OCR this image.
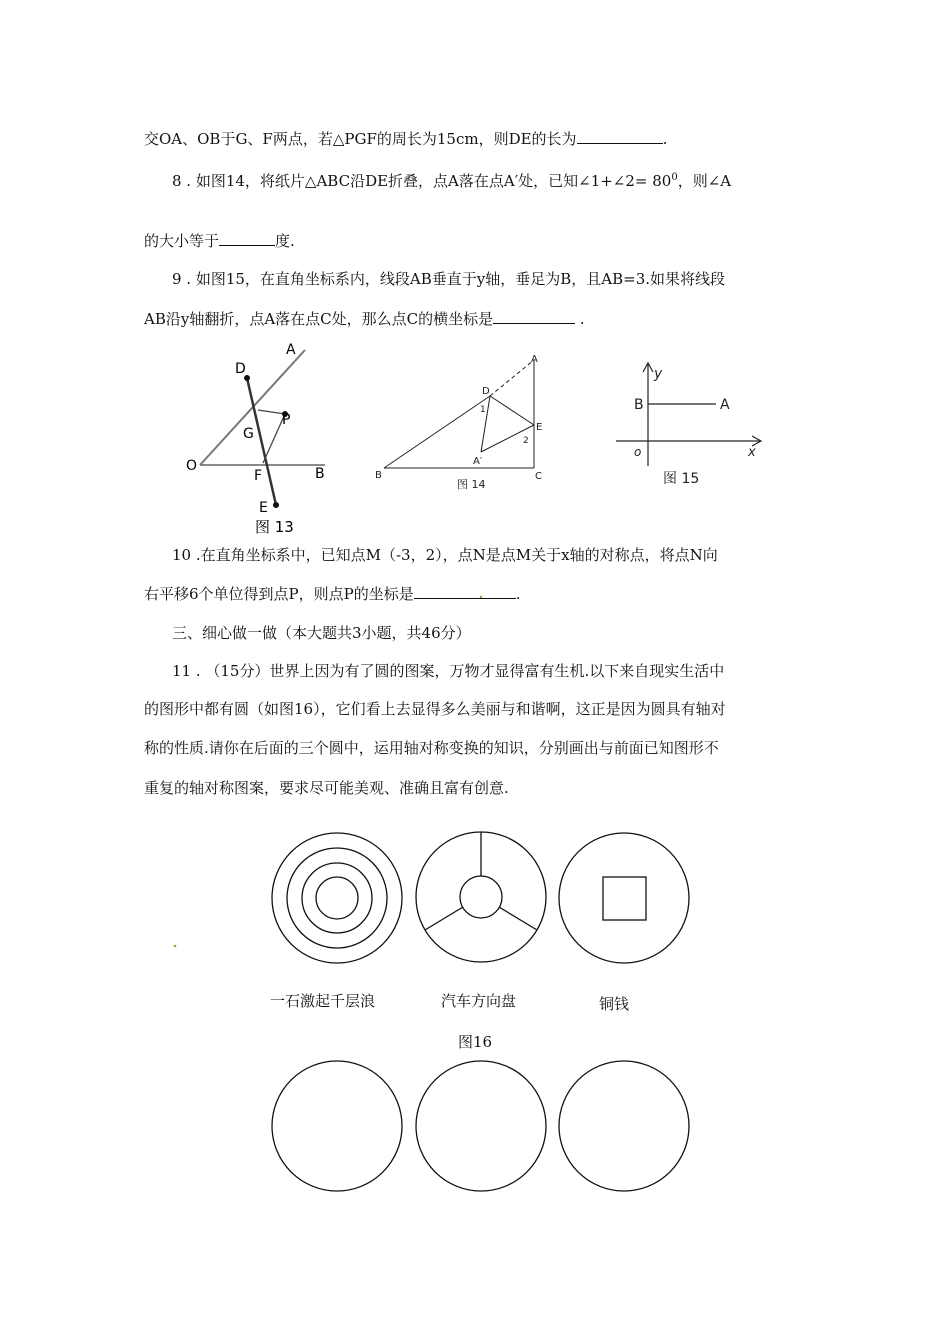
交OA、OB于G、F两点，若△PGF的周长为15cm，则DE的长为	.
8 . 如图14，将纸片△ABC沿DE折叠，点A落在点A′处，已知∠1+∠2= $80^0$，则∠A
的大小等于	度.
9 . 如图15，在直角坐标系内，线段AB垂直于y轴，垂足为B，且AB=3.如果将线段
AB沿y轴翻折，点A落在点C处，那么点C的横坐标是	.
10 .在直角坐标系中，已知点M（-3，2），点N是点M关于x轴的对称点，将点N向
右平移6个单位得到点P，则点P的坐标是	.
三、细心做一做（本大题共3小题，共46分）
11 . （15分）世界上因为有了圆的图案，万物才显得富有生机.以下来自现实生活中
的图形中都有圆（如图16），它们看上去显得多么美丽与和谐啊，这正是因为圆具有轴对
称的性质.请你在后面的三个圆中，运用轴对称变换的知识，分别画出与前面已知图形不
重复的轴对称图案，要求尽可能美观、准确且富有创意.
A
D
P
G
O
F	B
E
图 13
A
D
E
1
2
A′
B	C
图 14
y
B	A
o	x
图 15
一石激起千层浪	汽车方向盘	铜钱
图16
